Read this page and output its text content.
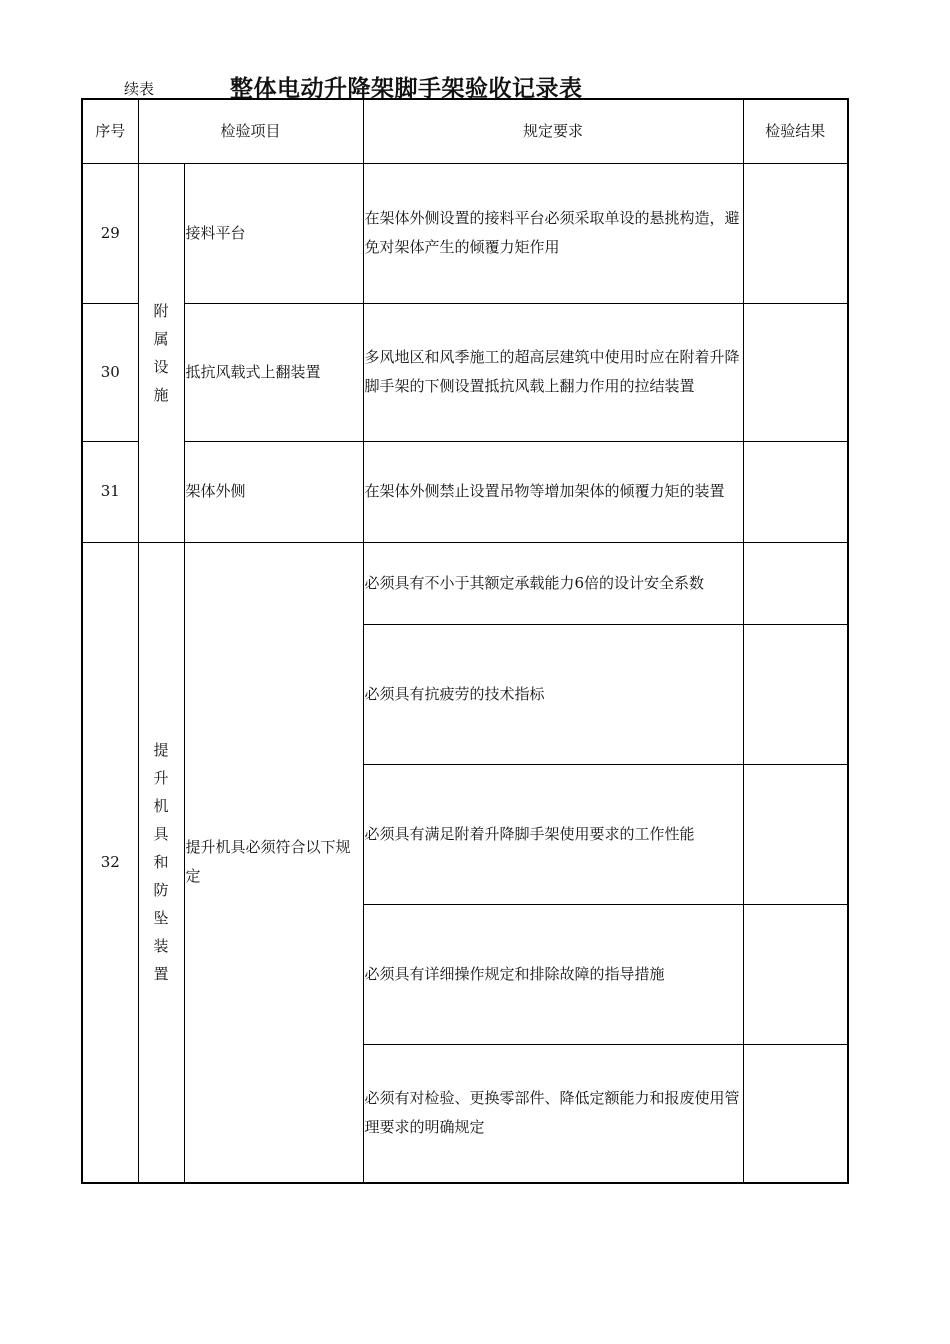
续表	整体电动升降架脚手架验收记录表
序号	检验项目		规定要求	检验结果
29	附属设施	接料平台	在架体外侧设置的接料平台必须采取单设的悬挑构造，避免对架体产生的倾覆力矩作用	
30		抵抗风载式上翻装置	多风地区和风季施工的超高层建筑中使用时应在附着升降脚手架的下侧设置抵抗风载上翻力作用的拉结装置	
31		架体外侧	在架体外侧禁止设置吊物等增加架体的倾覆力矩的装置	
32	提升机具和防坠装置	提升机具必须符合以下规定	必须具有不小于其额定承载能力6倍的设计安全系数	
			必须具有抗疲劳的技术指标	
			必须具有满足附着升降脚手架使用要求的工作性能	
			必须具有详细操作规定和排除故障的指导措施	
			必须有对检验、更换零部件、降低定额能力和报废使用管理要求的明确规定	
